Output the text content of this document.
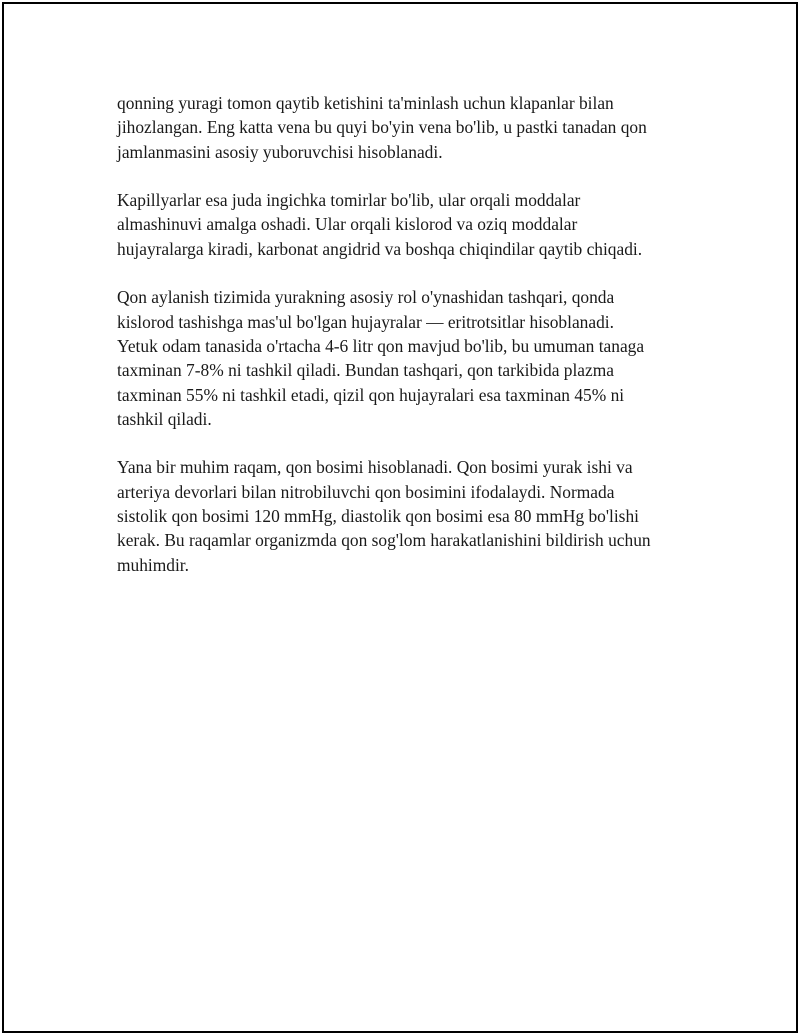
qonning yuragi tomon qaytib ketishini ta'minlash uchun klapanlar bilan
jihozlangan. Eng katta vena bu quyi bo'yin vena bo'lib, u pastki tanadan qon
jamlanmasini asosiy yuboruvchisi hisoblanadi.

Kapillyarlar esa juda ingichka tomirlar bo'lib, ular orqali moddalar
almashinuvi amalga oshadi. Ular orqali kislorod va oziq moddalar
hujayralarga kiradi, karbonat angidrid va boshqa chiqindilar qaytib chiqadi.

Qon aylanish tizimida yurakning asosiy rol o'ynashidan tashqari, qonda
kislorod tashishga mas'ul bo'lgan hujayralar — eritrotsitlar hisoblanadi.
Yetuk odam tanasida o'rtacha 4-6 litr qon mavjud bo'lib, bu umuman tanaga
taxminan 7-8% ni tashkil qiladi. Bundan tashqari, qon tarkibida plazma
taxminan 55% ni tashkil etadi, qizil qon hujayralari esa taxminan 45% ni
tashkil qiladi.

Yana bir muhim raqam, qon bosimi hisoblanadi. Qon bosimi yurak ishi va
arteriya devorlari bilan nitrobiluvchi qon bosimini ifodalaydi. Normada
sistolik qon bosimi 120 mmHg, diastolik qon bosimi esa 80 mmHg bo'lishi
kerak. Bu raqamlar organizmda qon sog'lom harakatlanishini bildirish uchun
muhimdir.
